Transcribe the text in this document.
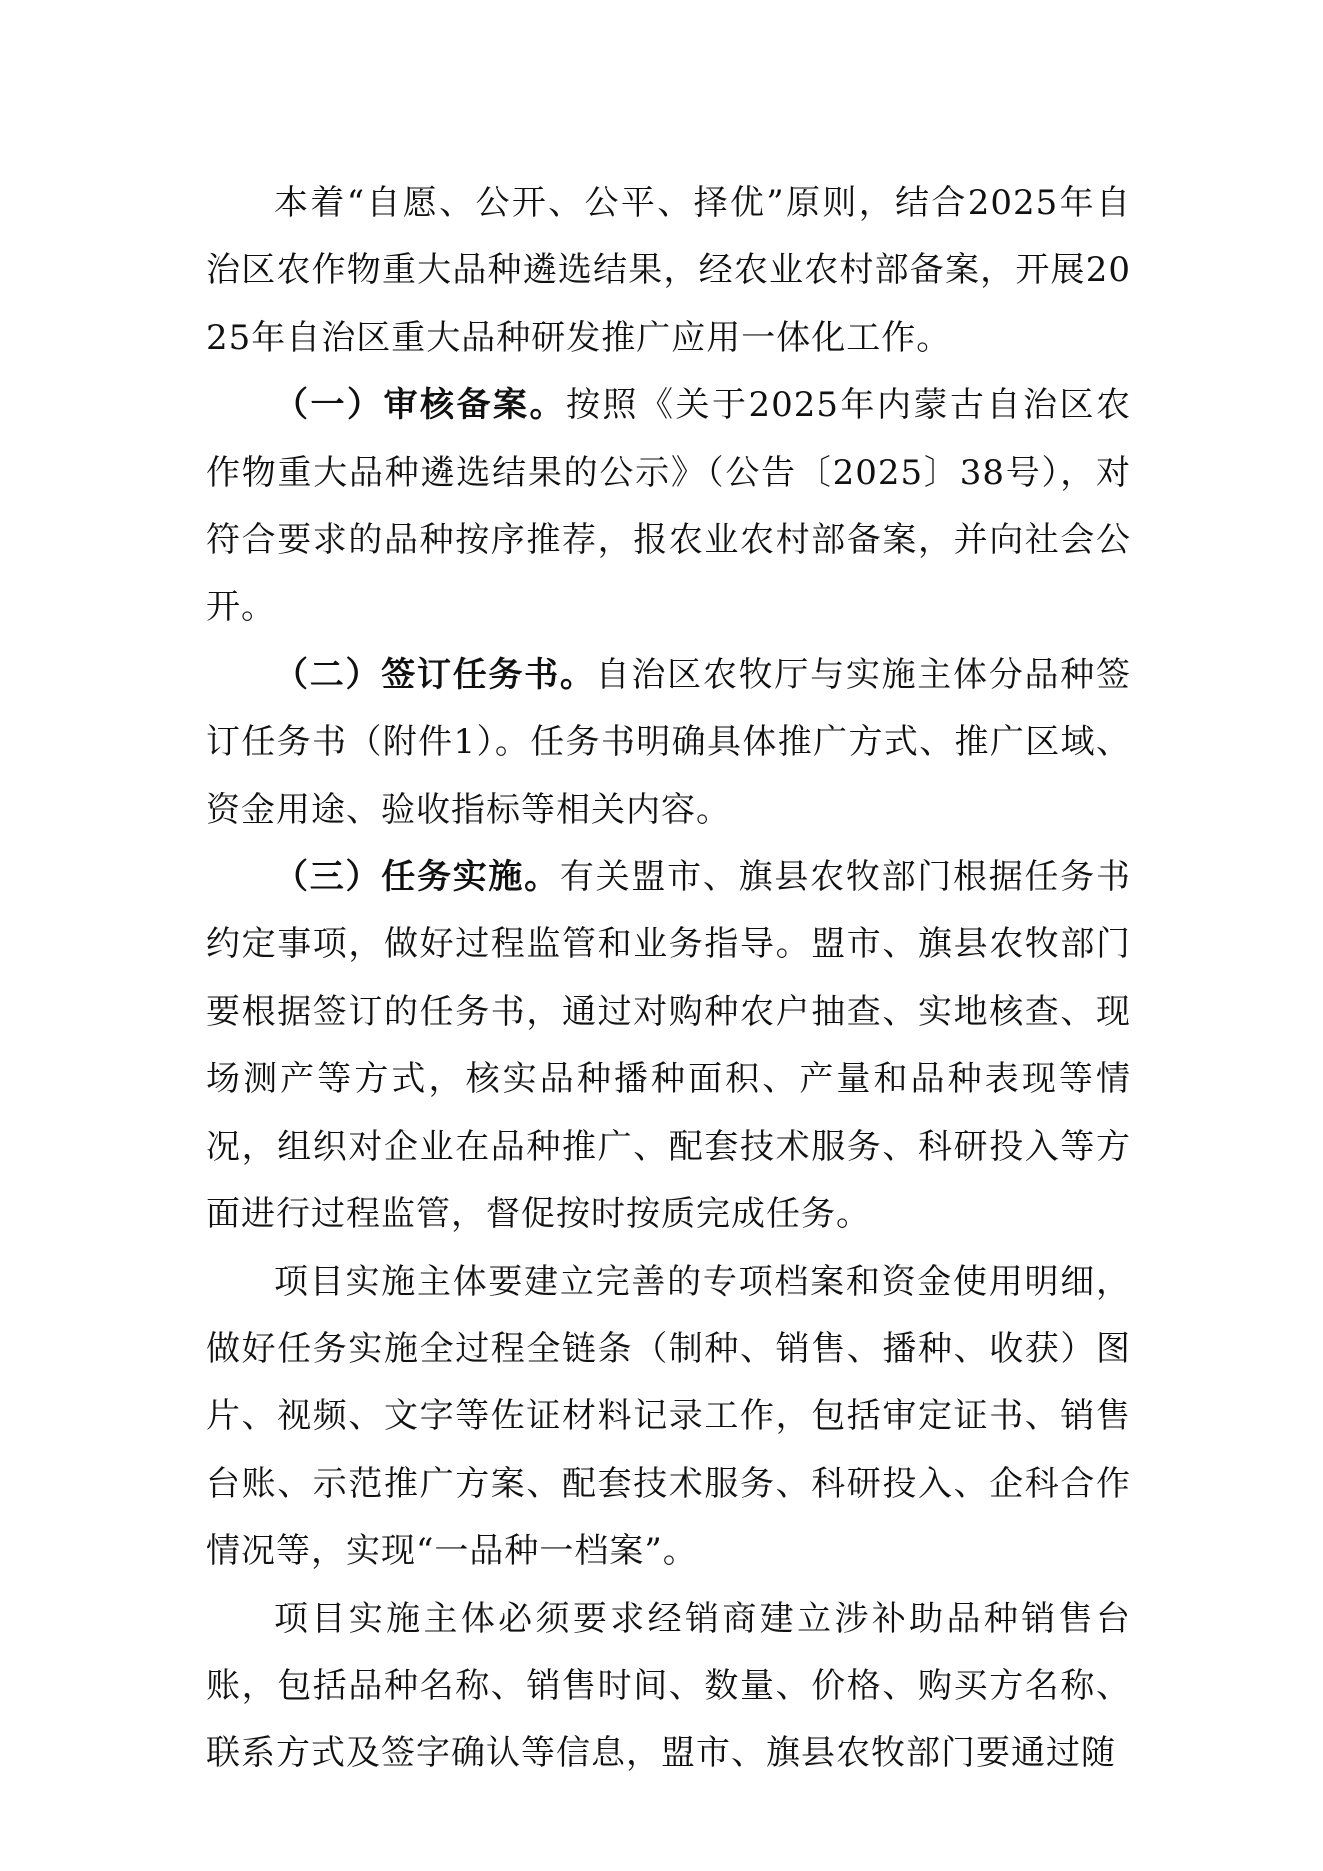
本着“自愿、公开、公平、择优”原则，结合2025年自治区农作物重大品种遴选结果，经农业农村部备案，开展2025年自治区重大品种研发推广应用一体化工作。

（一）审核备案。按照《关于2025年内蒙古自治区农作物重大品种遴选结果的公示》（公告〔2025〕38号），对符合要求的品种按序推荐，报农业农村部备案，并向社会公开。

（二）签订任务书。自治区农牧厅与实施主体分品种签订任务书（附件1）。任务书明确具体推广方式、推广区域、资金用途、验收指标等相关内容。

（三）任务实施。有关盟市、旗县农牧部门根据任务书约定事项，做好过程监管和业务指导。盟市、旗县农牧部门要根据签订的任务书，通过对购种农户抽查、实地核查、现场测产等方式，核实品种播种面积、产量和品种表现等情况，组织对企业在品种推广、配套技术服务、科研投入等方面进行过程监管，督促按时按质完成任务。

项目实施主体要建立完善的专项档案和资金使用明细，做好任务实施全过程全链条（制种、销售、播种、收获）图片、视频、文字等佐证材料记录工作，包括审定证书、销售台账、示范推广方案、配套技术服务、科研投入、企科合作情况等，实现“一品种一档案”。

项目实施主体必须要求经销商建立涉补助品种销售台账，包括品种名称、销售时间、数量、价格、购买方名称、联系方式及签字确认等信息，盟市、旗县农牧部门要通过随
